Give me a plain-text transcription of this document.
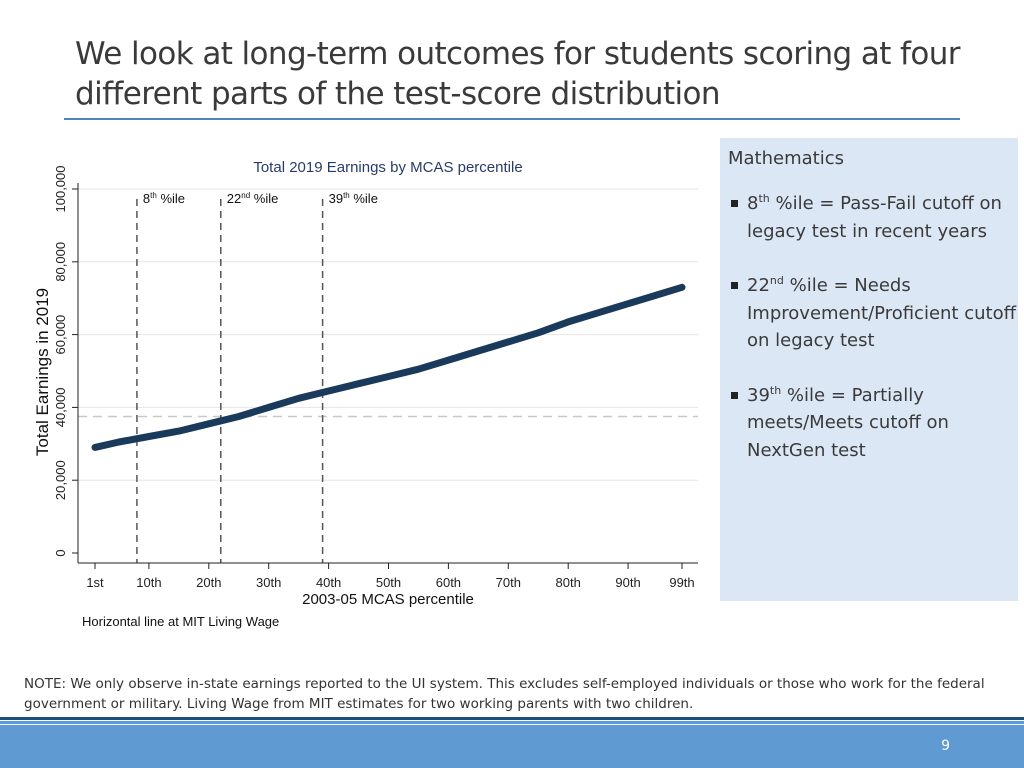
We look at long-term outcomes for students scoring at four different parts of the test-score distribution
Total 2019 Earnings by MCAS percentile
Total Earnings in 2019
2003-05 MCAS percentile
Horizontal line at MIT Living Wage
8th %ile	22nd %ile	39th %ile
0
20,000
40,000
60,000
80,000
100,000
1st	10th	20th	30th	40th	50th	60th	70th	80th	90th 99th
Mathematics
8th %ile = Pass-Fail cutoff on legacy test in recent years
22nd %ile = Needs Improvement/Proficient cutoff on legacy test
39th %ile = Partially meets/Meets cutoff on NextGen test

NOTE: We only observe in-state earnings reported to the UI system. This excludes self-employed individuals or those who work for the federal government or military. Living Wage from MIT estimates for two working parents with two children.

9
